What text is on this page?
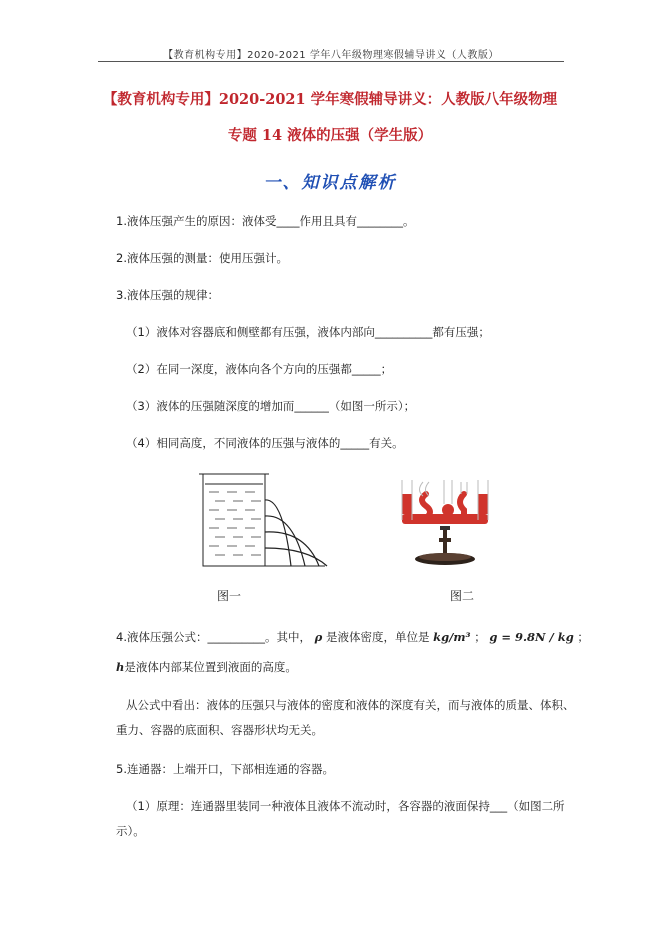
【教育机构专用】2020-2021 学年八年级物理寒假辅导讲义（人教版）
【教育机构专用】2020-2021 学年寒假辅导讲义：人教版八年级物理
专题 14 液体的压强（学生版）
一、知识点解析
1.液体压强产生的原因：液体受____作用且具有________。
2.液体压强的测量：使用压强计。
3.液体压强的规律：
（1）液体对容器底和侧壁都有压强，液体内部向__________都有压强；
（2）在同一深度，液体向各个方向的压强都_____；
（3）液体的压强随深度的增加而______（如图一所示）；
（4）相同高度，不同液体的压强与液体的_____有关。
图一	图二
4.液体压强公式：__________。其中， ρ 是液体密度，单位是 kg/m³ ； g = 9.8N / kg ；
h是液体内部某位置到液面的高度。
从公式中看出：液体的压强只与液体的密度和液体的深度有关，而与液体的质量、体积、
重力、容器的底面积、容器形状均无关。
5.连通器：上端开口，下部相连通的容器。
（1）原理：连通器里装同一种液体且液体不流动时，各容器的液面保持___（如图二所
示）。
